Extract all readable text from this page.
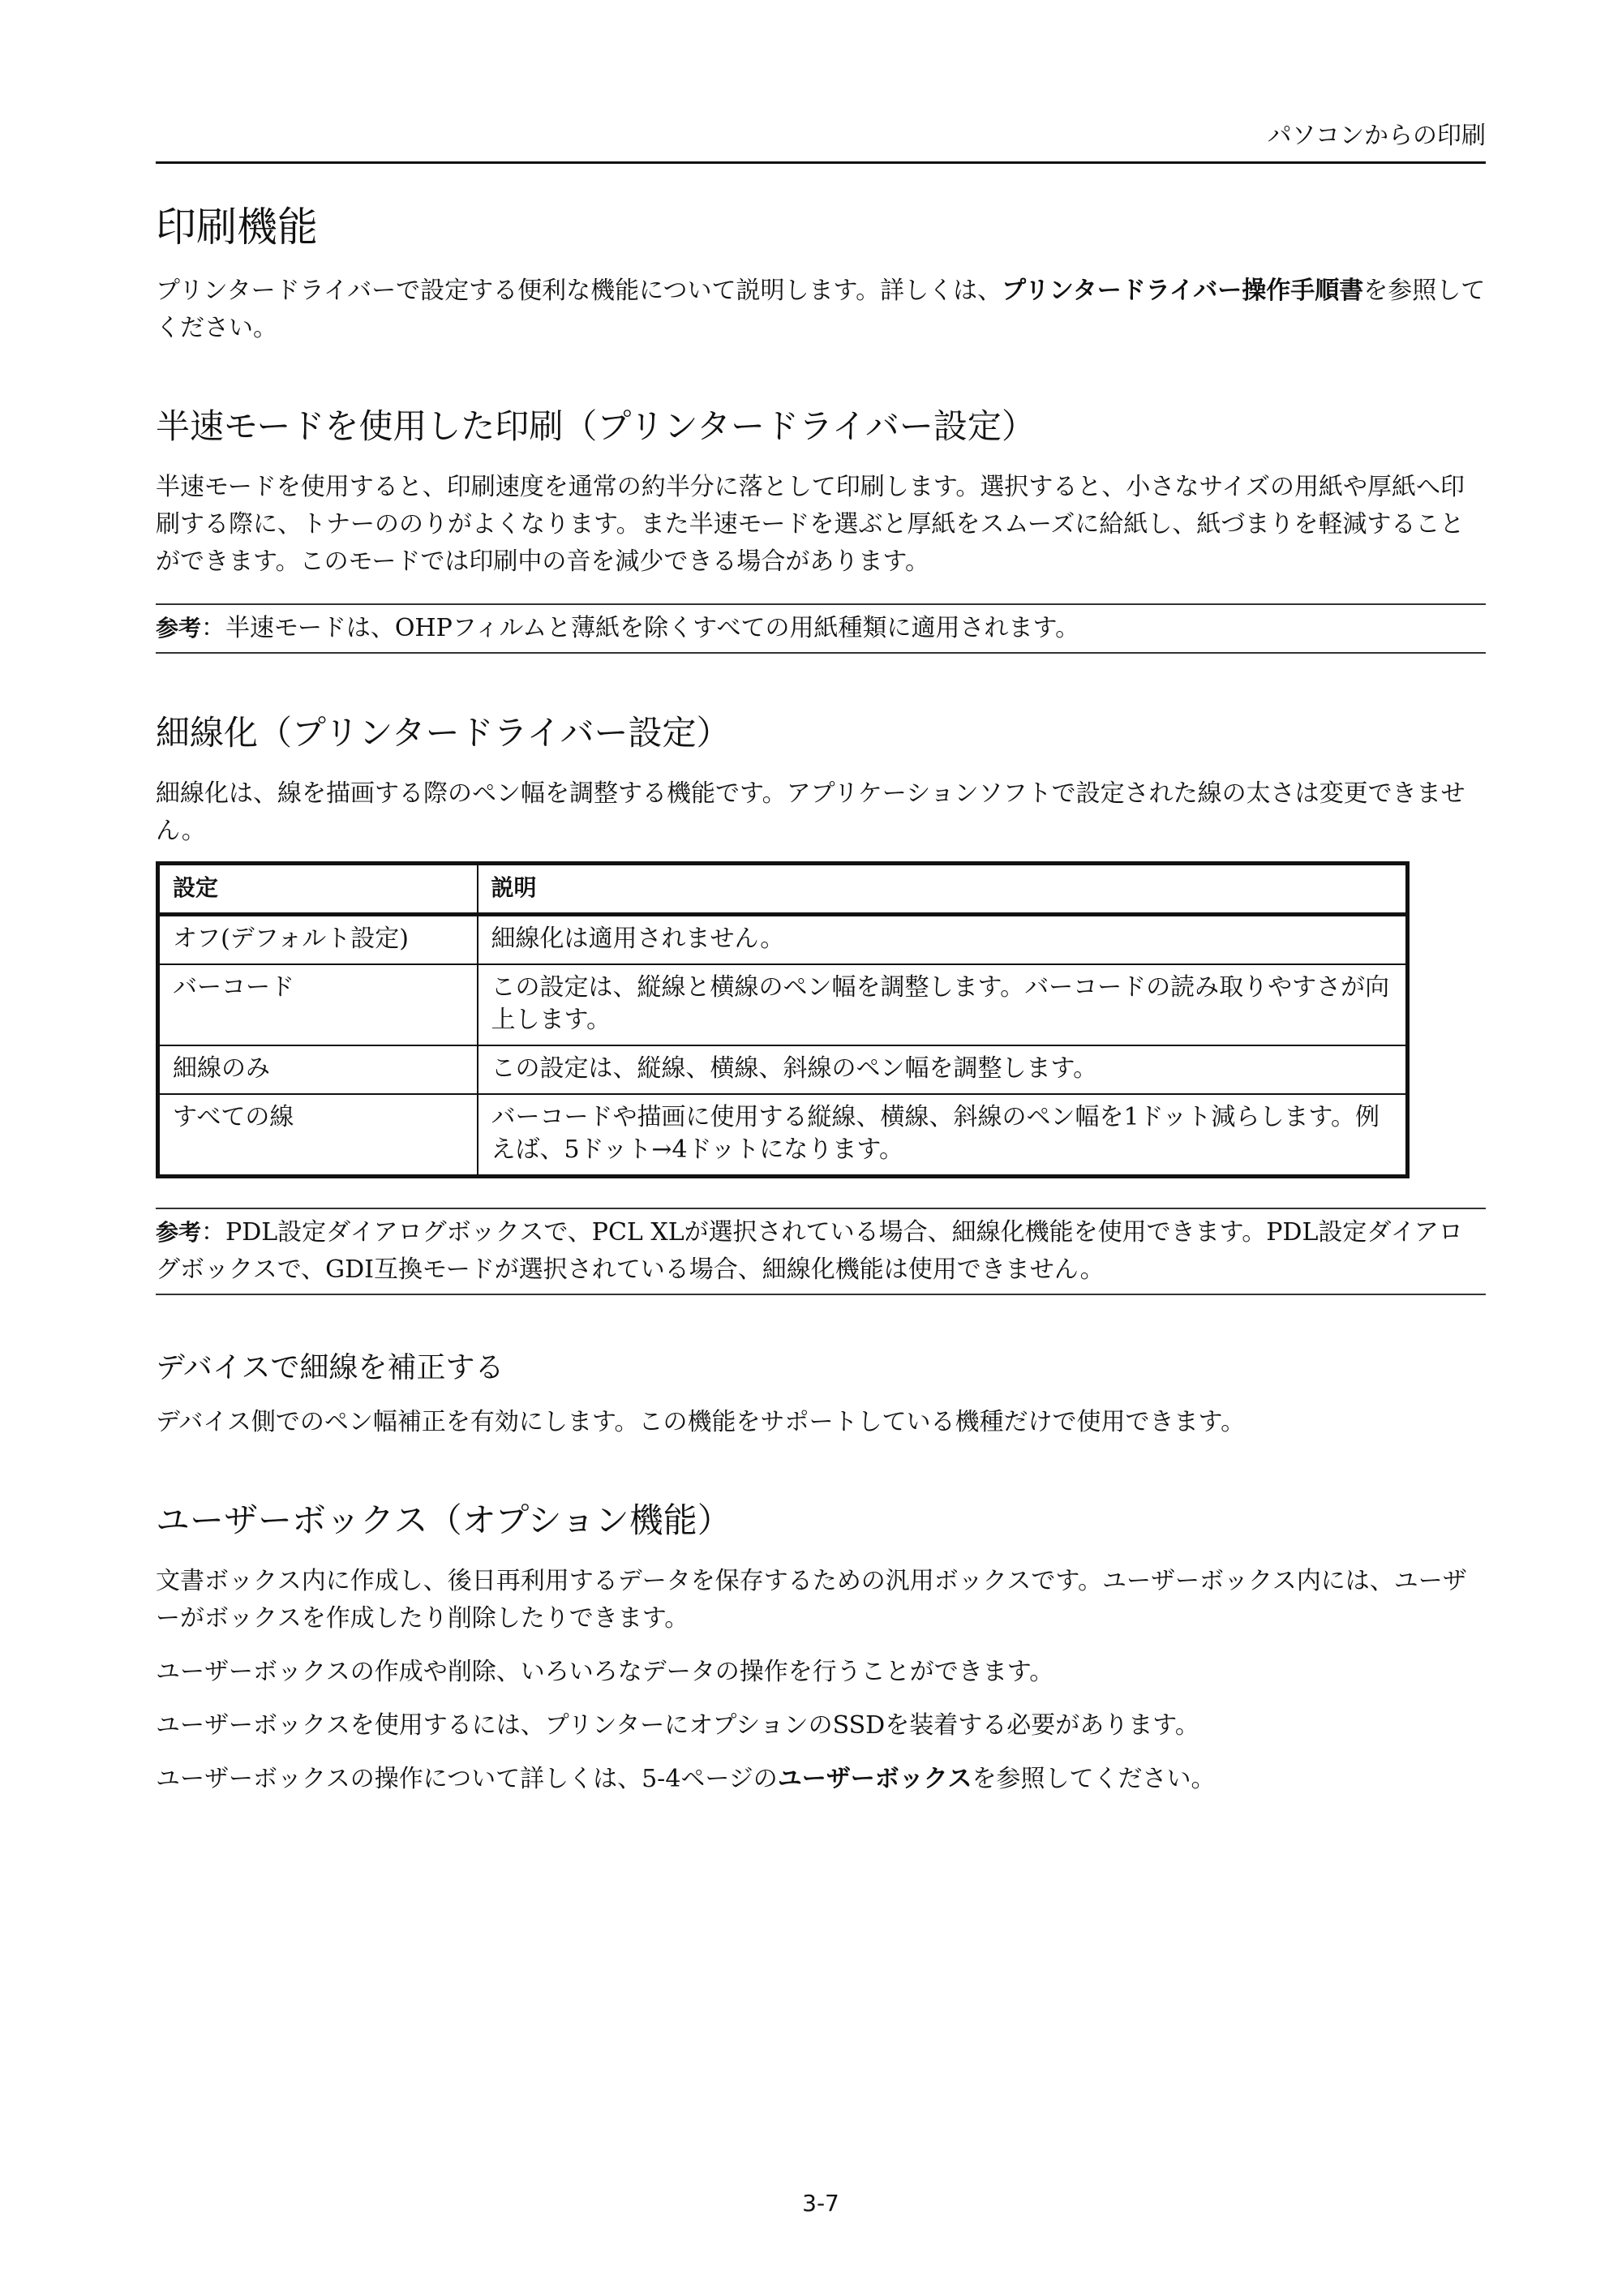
パソコンからの印刷
印刷機能

プリンタードライバーで設定する便利な機能について説明します。詳しくは、プリンタードライバー操作手順書を参照してください。

半速モードを使用した印刷（プリンタードライバー設定）

半速モードを使用すると、印刷速度を通常の約半分に落として印刷します。選択すると、小さなサイズの用紙や厚紙へ印刷する際に、トナーののりがよくなります。また半速モードを選ぶと厚紙をスムーズに給紙し、紙づまりを軽減することができます。このモードでは印刷中の音を減少できる場合があります。

参考：半速モードは、OHPフィルムと薄紙を除くすべての用紙種類に適用されます。
細線化（プリンタードライバー設定）

細線化は、線を描画する際のペン幅を調整する機能です。アプリケーションソフトで設定された線の太さは変更できません。

設定	説明
オフ(デフォルト設定)	細線化は適用されません。
バーコード	この設定は、縦線と横線のペン幅を調整します。バーコードの読み取りやすさが向上します。
細線のみ	この設定は、縦線、横線、斜線のペン幅を調整します。
すべての線	バーコードや描画に使用する縦線、横線、斜線のペン幅を1ドット減らします。例えば、5ドット→4ドットになります。
参考：PDL設定ダイアログボックスで、PCL XLが選択されている場合、細線化機能を使用できます。PDL設定ダイアログボックスで、GDI互換モードが選択されている場合、細線化機能は使用できません。
デバイスで細線を補正する

デバイス側でのペン幅補正を有効にします。この機能をサポートしている機種だけで使用できます。

ユーザーボックス（オプション機能）

文書ボックス内に作成し、後日再利用するデータを保存するための汎用ボックスです。ユーザーボックス内には、ユーザーがボックスを作成したり削除したりできます。

ユーザーボックスの作成や削除、いろいろなデータの操作を行うことができます。

ユーザーボックスを使用するには、プリンターにオプションのSSDを装着する必要があります。

ユーザーボックスの操作について詳しくは、5-4ページのユーザーボックスを参照してください。

3-7
